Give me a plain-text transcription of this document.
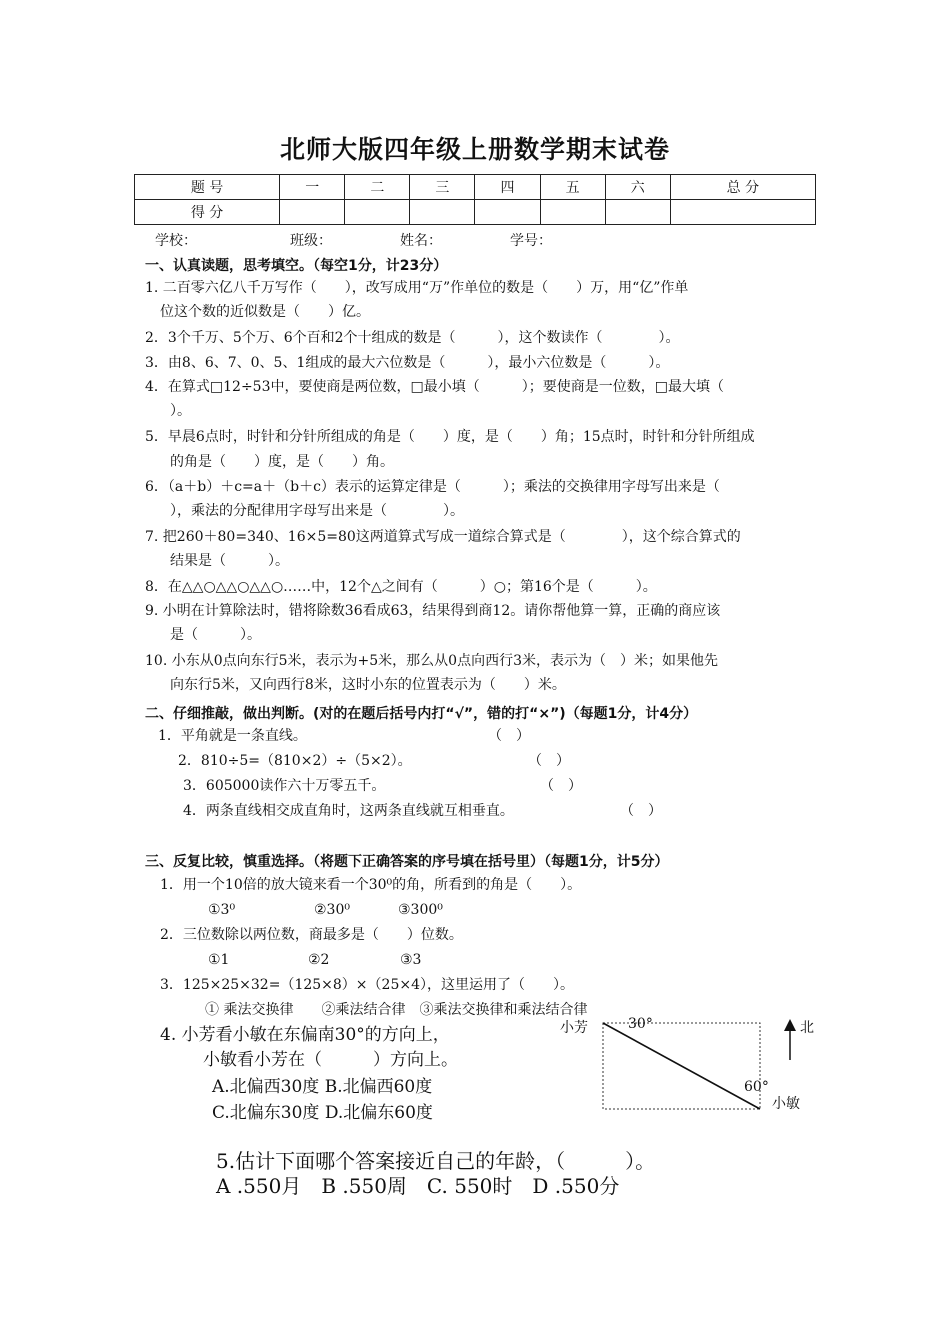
北师大版四年级上册数学期末试卷
题 号	一	二	三	四	五	六	总 分
得 分							
学校：	班级：	姓名：	学号：
一、认真读题，思考填空。（每空1分，计23分）
1. 二百零六亿八千万写作（　　），改写成用“万”作单位的数是（　　）万，用“亿”作单
位这个数的近似数是（　　）亿。
2．3个千万、5个万、6个百和2个十组成的数是（　　　），这个数读作（　　　　）。
3．由8、6、7、0、5、1组成的最大六位数是（　　　），最小六位数是（　　　）。
4．在算式□12÷53中，要使商是两位数，□最小填（　　　）；要使商是一位数，□最大填（
）。
5．早晨6点时，时针和分针所组成的角是（　　）度，是（　　）角；15点时，时针和分针所组成
的角是（　　）度，是（　　）角。
6．（a＋b）＋c=a＋（b＋c）表示的运算定律是（　　　）；乘法的交换律用字母写出来是（
），乘法的分配律用字母写出来是（　　　　）。
7. 把260＋80=340、16×5=80这两道算式写成一道综合算式是（　　　　），这个综合算式的
结果是（　　　）。
8．在△△○△△○△△○……中，12个△之间有（　　　）○；第16个是（　　　）。
9. 小明在计算除法时，错将除数36看成63，结果得到商12。请你帮他算一算，正确的商应该
是（　　　）。
10. 小东从0点向东行5米，表示为+5米，那么从0点向西行3米，表示为（　）米；如果他先
向东行5米，又向西行8米，这时小东的位置表示为（　　）米。
二、仔细推敲，做出判断。(对的在题后括号内打“√”，错的打“×”)（每题1分，计4分）
1．平角就是一条直线。	（　）
2．810÷5=（810×2）÷（5×2）。	（　）
3．605000读作六十万零五千。	（　）
4．两条直线相交成直角时，这两条直线就互相垂直。	（　）
三、反复比较，慎重选择。（将题下正确答案的序号填在括号里）（每题1分，计5分）
1．用一个10倍的放大镜来看一个30⁰的角，所看到的角是（　　）。
①3⁰	②30⁰	③300⁰
2．三位数除以两位数，商最多是（　　）位数。
①1	②2	③3
3．125×25×32=（125×8）×（25×4），这里运用了（　　）。
① 乘法交换律　　②乘法结合律　③乘法交换律和乘法结合律
4. 小芳看小敏在东偏南30°的方向上，
小敏看小芳在（　　　）方向上。
A.北偏西30度 B.北偏西60度
C.北偏东30度 D.北偏东60度
小芳	30°	北
60°
小敏
5.估计下面哪个答案接近自己的年龄，（　　　）。
A .550月　B .550周　C. 550时　D .550分
